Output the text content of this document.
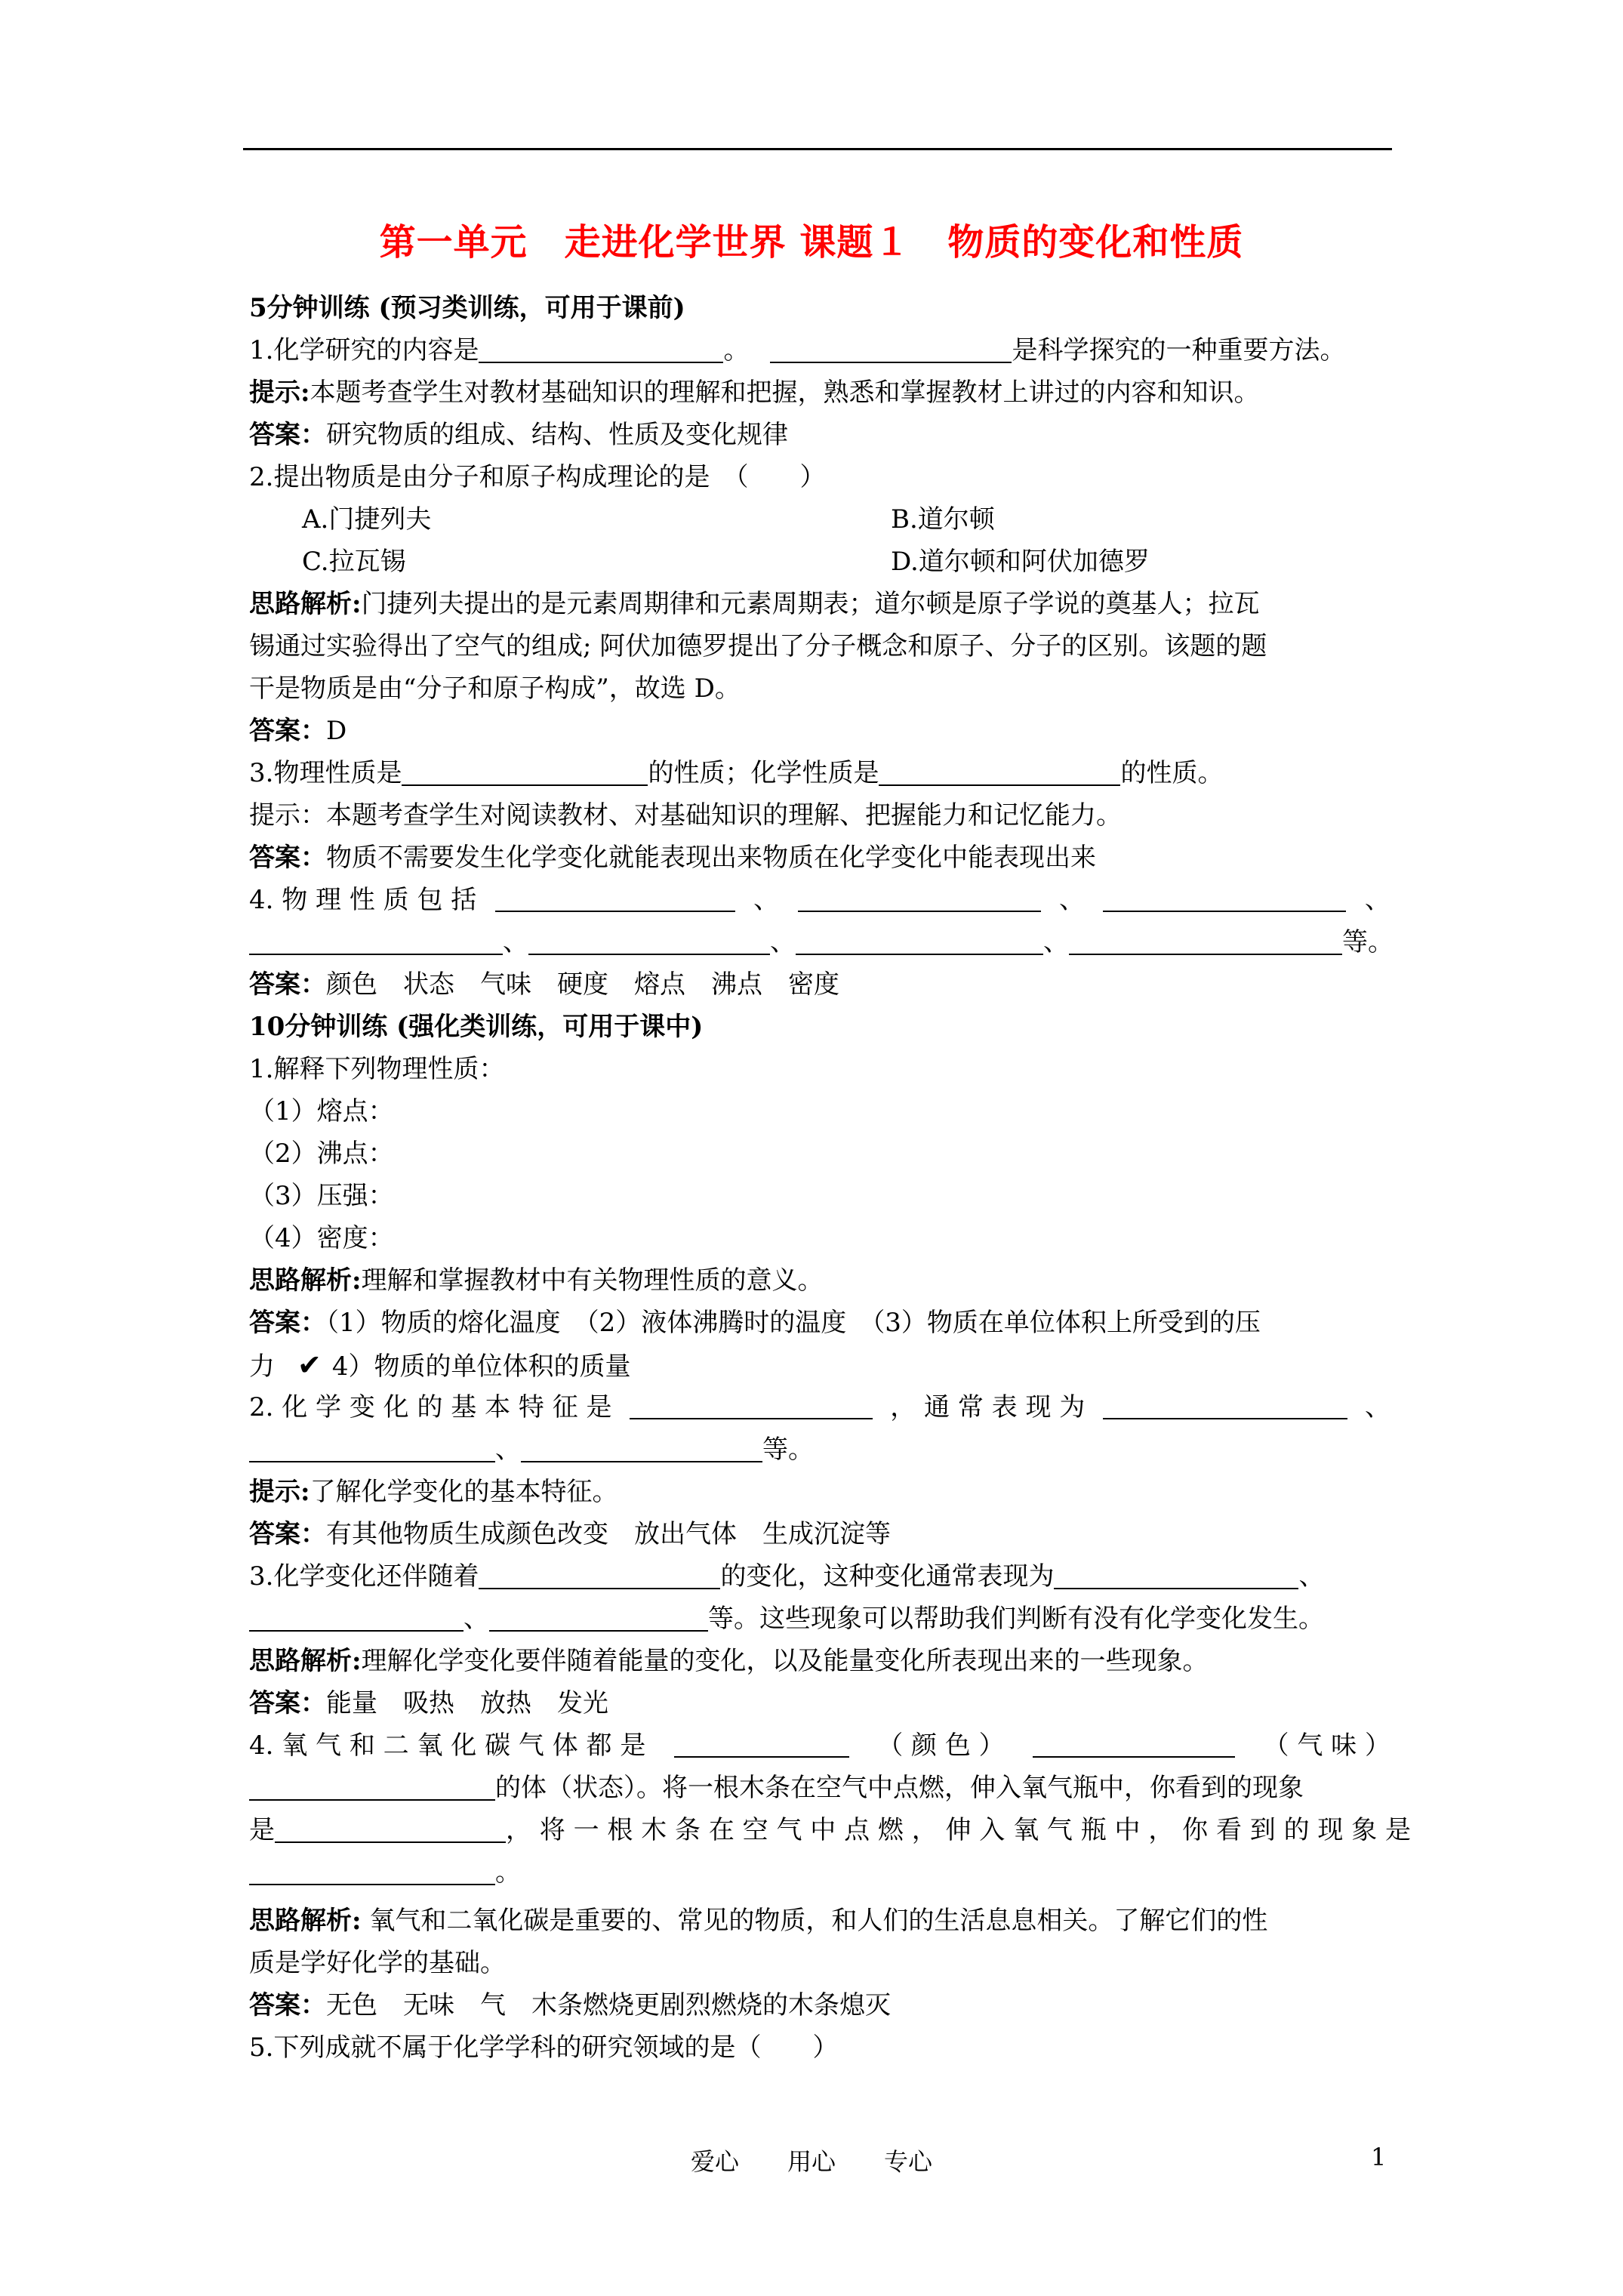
第一单元　走进化学世界 课题１　物质的变化和性质
5分钟训练 (预习类训练，可用于课前)
1.化学研究的内容是	。	是科学探究的一种重要方法。
提示:本题考查学生对教材基础知识的理解和把握，熟悉和掌握教材上讲过的内容和知识。
答案：研究物质的组成、结构、性质及变化规律
2.提出物质是由分子和原子构成理论的是　（　　）
A.门捷列夫	B.道尔顿
C.拉瓦锡	D.道尔顿和阿伏加德罗
思路解析:门捷列夫提出的是元素周期律和元素周期表；道尔顿是原子学说的奠基人；拉瓦
锡通过实验得出了空气的组成; 阿伏加德罗提出了分子概念和原子、分子的区别。该题的题
干是物质是由“分子和原子构成”，故选 D。
答案：D
3.物理性质是	的性质；化学性质是	的性质。
提示：本题考查学生对阅读教材、对基础知识的理解、把握能力和记忆能力。
答案：物质不需要发生化学变化就能表现出来物质在化学变化中能表现出来
4. 物 理 性 质 包 括	、	、	、
、	、	、	等。
答案：颜色　状态　气味　硬度　熔点　沸点　密度
10分钟训练 (强化类训练，可用于课中)
1.解释下列物理性质：
（1）熔点：
（2）沸点：
（3）压强：
（4）密度：
思路解析:理解和掌握教材中有关物理性质的意义。
答案：（1）物质的熔化温度　（2）液体沸腾时的温度　（3）物质在单位体积上所受到的压
力 ✔ 4）物质的单位体积的质量
2. 化 学 变 化 的 基 本 特 征 是	， 通 常 表 现 为	、
、	等。
提示:了解化学变化的基本特征。
答案：有其他物质生成颜色改变　放出气体　生成沉淀等
3.化学变化还伴随着	的变化，这种变化通常表现为	、
、	等。这些现象可以帮助我们判断有没有化学变化发生。
思路解析:理解化学变化要伴随着能量的变化，以及能量变化所表现出来的一些现象。
答案：能量　吸热　放热　发光
4. 氧 气 和 二 氧 化 碳 气 体 都 是	（ 颜 色 ）	（ 气 味 ）
的体（状态）。将一根木条在空气中点燃，伸入氧气瓶中，你看到的现象
是	， 将 一 根 木 条 在 空 气 中 点 燃 ， 伸 入 氧 气 瓶 中 ， 你 看 到 的 现 象 是
。
思路解析: 氧气和二氧化碳是重要的、常见的物质，和人们的生活息息相关。了解它们的性
质是学好化学的基础。
答案：无色　无味　气　木条燃烧更剧烈燃烧的木条熄灭
5.下列成就不属于化学学科的研究领域的是（　　）
爱心　　用心　　专心	1
